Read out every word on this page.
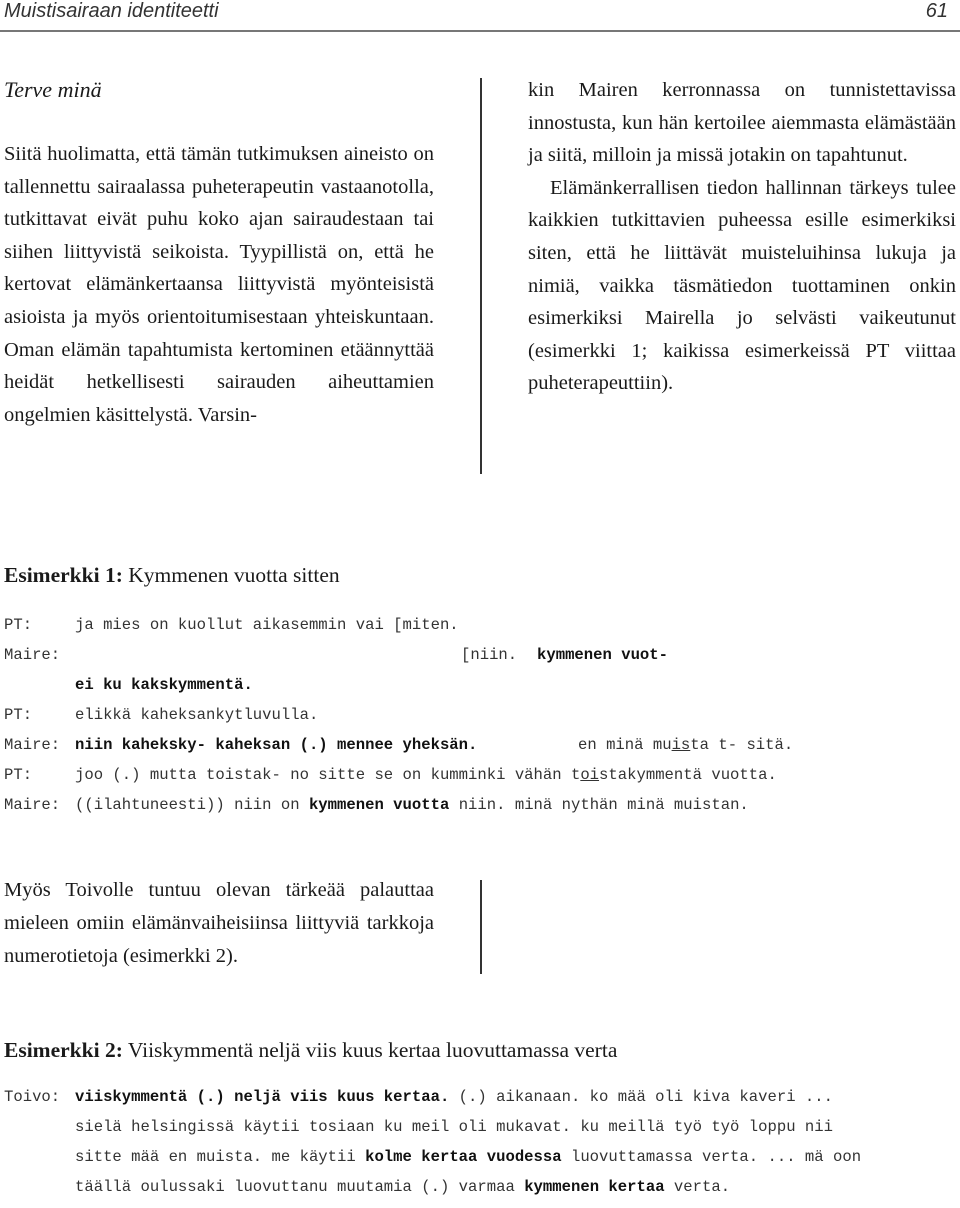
Muistisairaan identiteetti	61

Terve minä

Siitä huolimatta, että tämän tutkimuksen aineisto on tallennettu sairaalassa puheterapeutin vastaanotolla, tutkittavat eivät puhu koko ajan sairaudestaan tai siihen liittyvistä seikoista. Tyypillistä on, että he kertovat elämänkertaansa liittyvistä myönteisistä asioista ja myös orientoitumisestaan yhteiskuntaan. Oman elämän tapahtumista kertominen etäännyttää heidät hetkellisesti sairauden aiheuttamien ongelmien käsittelystä. Varsin-

kin Mairen kerronnassa on tunnistettavissa innostusta, kun hän kertoilee aiemmasta elämästään ja siitä, milloin ja missä jotakin on tapahtunut.

Elämänkerrallisen tiedon hallinnan tärkeys tulee kaikkien tutkittavien puheessa esille esimerkiksi siten, että he liittävät muisteluihinsa lukuja ja nimiä, vaikka täsmätiedon tuottaminen onkin esimerkiksi Mairella jo selvästi vaikeutunut (esimerkki 1; kaikissa esimerkeissä PT viittaa puheterapeuttiin).

Esimerkki 1: Kymmenen vuotta sitten
PT:	ja mies on kuollut aikasemmin vai [miten.
Maire:	[niin. kymmenen vuot-
ei ku kakskymmentä.
PT:	elikkä kaheksankytluvulla.
Maire: niin kaheksky- kaheksan (.) mennee yheksän.	en minä muista t- sitä.
PT:	joo (.) mutta toistak- no sitte se on kumminki vähän toistakymmentä vuotta.
Maire: ((ilahtuneesti)) niin on kymmenen vuotta niin. minä nythän minä muistan.

Myös Toivolle tuntuu olevan tärkeää palauttaa mieleen omiin elämänvaiheisiinsa liittyviä tarkkoja numerotietoja (esimerkki 2).

Esimerkki 2: Viiskymmentä neljä viis kuus kertaa luovuttamassa verta
Toivo: viiskymmentä (.) neljä viis kuus kertaa. (.) aikanaan. ko mää oli kiva kaveri ...
sielä helsingissä käytii tosiaan ku meil oli mukavat. ku meillä työ työ loppu nii
sitte mää en muista. me käytii kolme kertaa vuodessa luovuttamassa verta. ... mä oon
täällä oulussaki luovuttanu muutamia (.) varmaa kymmenen kertaa verta.
